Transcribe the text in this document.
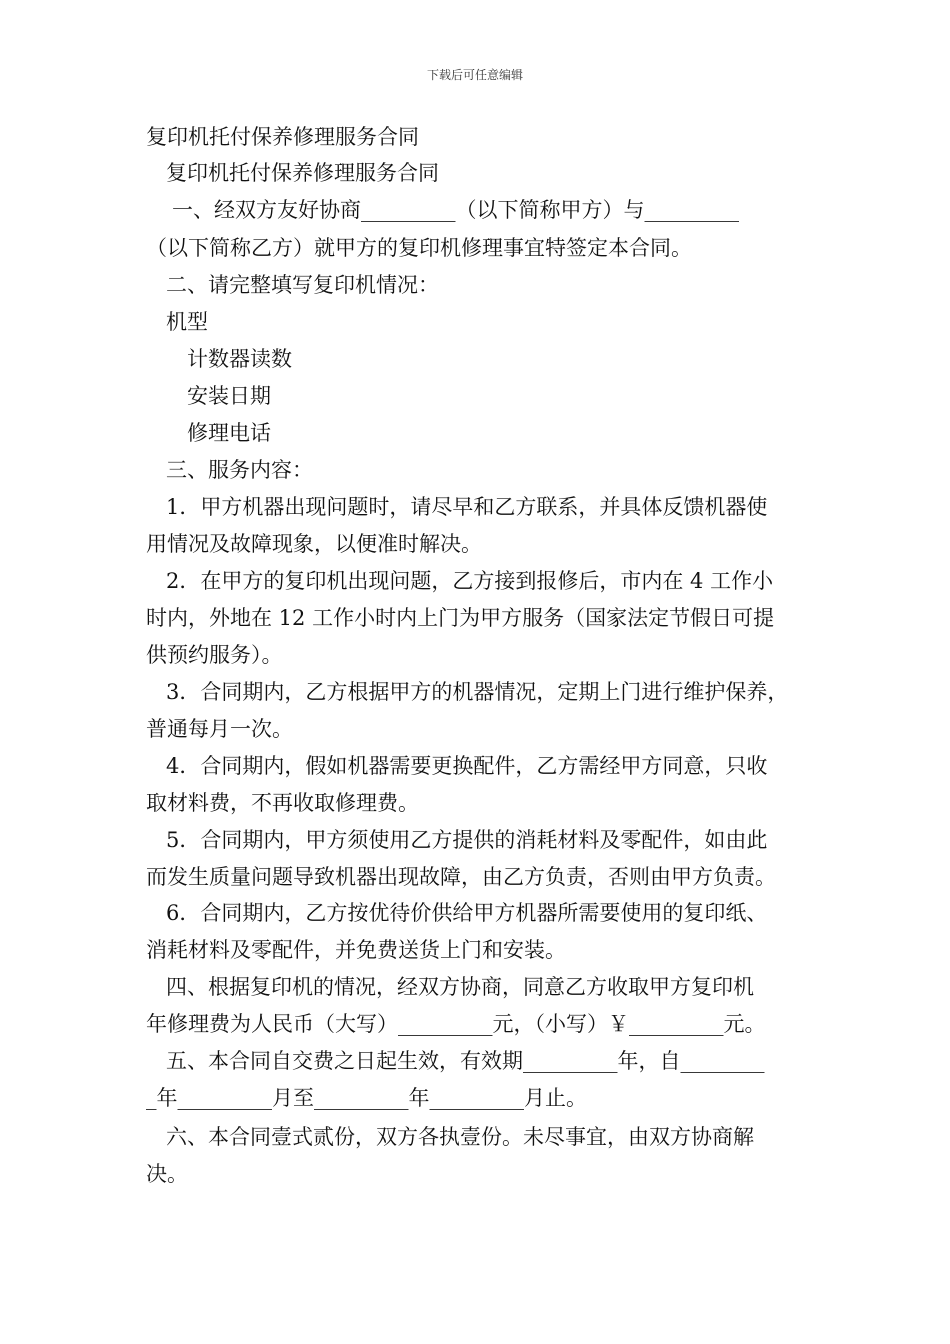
下载后可任意编辑
复印机托付保养修理服务合同
复印机托付保养修理服务合同
一、经双方友好协商_________（以下简称甲方）与_________
（以下简称乙方）就甲方的复印机修理事宜特签定本合同。
二、请完整填写复印机情况：
机型
计数器读数
安装日期
修理电话
三、服务内容：
1．甲方机器出现问题时，请尽早和乙方联系，并具体反馈机器使
用情况及故障现象，以便准时解决。
2．在甲方的复印机出现问题，乙方接到报修后，市内在 4 工作小
时内，外地在 12 工作小时内上门为甲方服务（国家法定节假日可提
供预约服务）。
3．合同期内，乙方根据甲方的机器情况，定期上门进行维护保养，
普通每月一次。
4．合同期内，假如机器需要更换配件，乙方需经甲方同意，只收
取材料费，不再收取修理费。
5．合同期内，甲方须使用乙方提供的消耗材料及零配件，如由此
而发生质量问题导致机器出现故障，由乙方负责，否则由甲方负责。
6．合同期内，乙方按优待价供给甲方机器所需要使用的复印纸、
消耗材料及零配件，并免费送货上门和安装。
四、根据复印机的情况，经双方协商，同意乙方收取甲方复印机
年修理费为人民币（大写）_________元，（小写）￥_________元。
五、本合同自交费之日起生效，有效期_________年，自________
_年_________月至_________年_________月止。
六、本合同壹式贰份，双方各执壹份。未尽事宜，由双方协商解
决。
